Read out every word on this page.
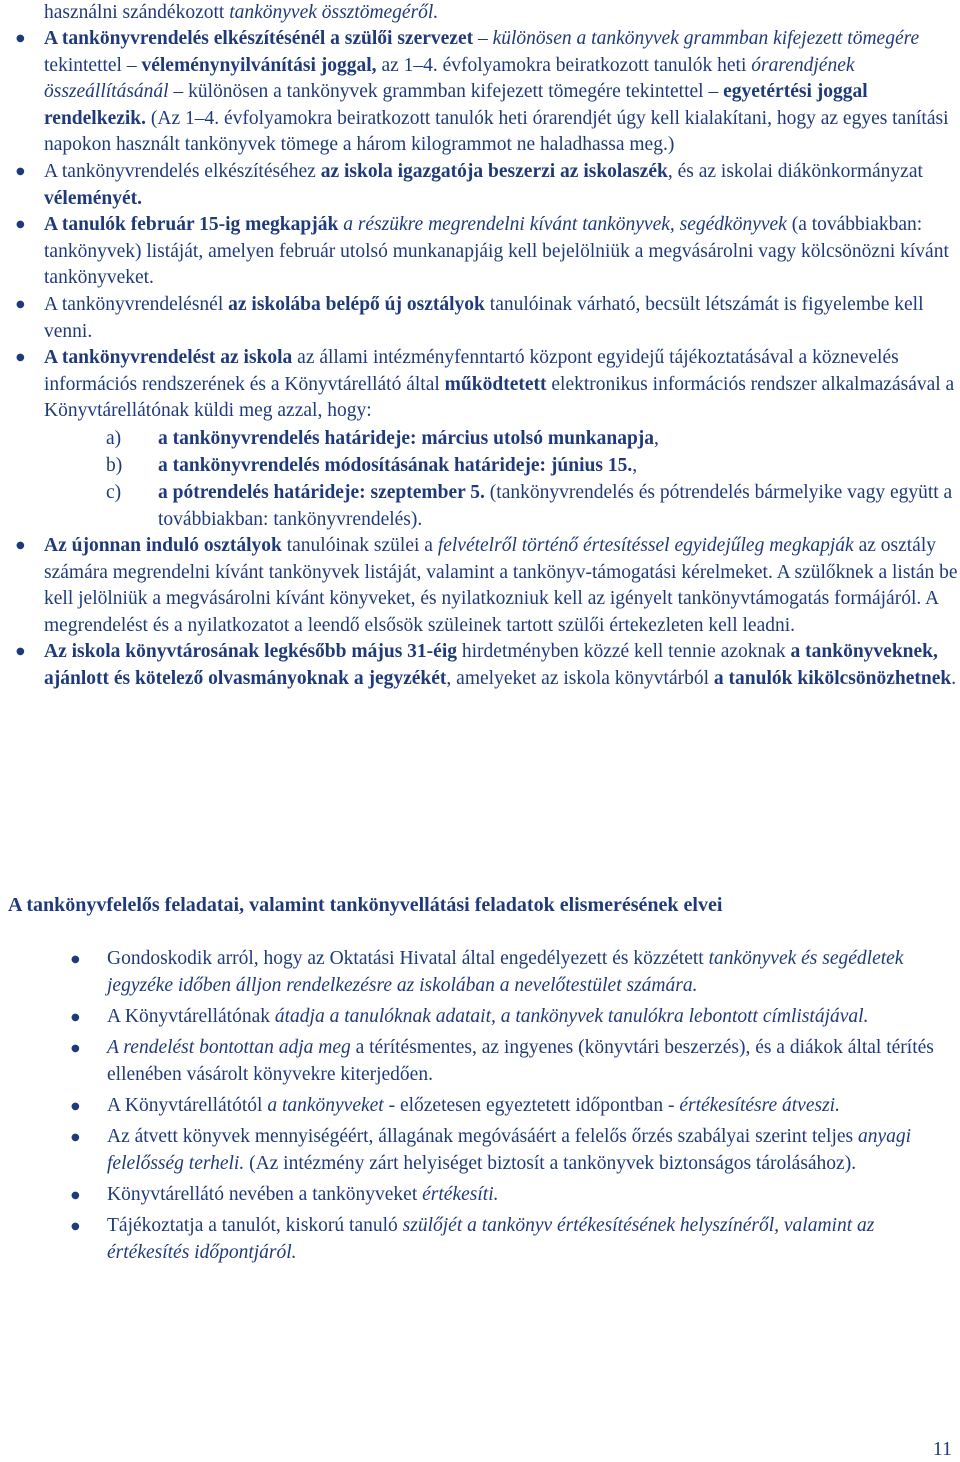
használni szándékozott tankönyvek össztömegéről.

● A tankönyvrendelés elkészítésénél a szülői szervezet – különösen a tankönyvek grammban kifejezett tömegére tekintettel – véleménynyilvánítási joggal, az 1–4. évfolyamokra beiratkozott tanulók heti órarendjének összeállításánál – különösen a tankönyvek grammban kifejezett tömegére tekintettel – egyetértési joggal rendelkezik. (Az 1–4. évfolyamokra beiratkozott tanulók heti órarendjét úgy kell kialakítani, hogy az egyes tanítási napokon használt tankönyvek tömege a három kilogrammot ne haladhassa meg.)
● A tankönyvrendelés elkészítéséhez az iskola igazgatója beszerzi az iskolaszék, és az iskolai diákönkormányzat véleményét.
● A tanulók február 15-ig megkapják a részükre megrendelni kívánt tankönyvek, segédkönyvek (a továbbiakban: tankönyvek) listáját, amelyen február utolsó munkanapjáig kell bejelölniük a megvásárolni vagy kölcsönözni kívánt tankönyveket.
● A tankönyvrendelésnél az iskolába belépő új osztályok tanulóinak várható, becsült létszámát is figyelembe kell venni.
● A tankönyvrendelést az iskola az állami intézményfenntartó központ egyidejű tájékoztatásával a köznevelés információs rendszerének és a Könyvtárellátó által működtetett elektronikus információs rendszer alkalmazásával a Könyvtárellátónak küldi meg azzal, hogy:
a)	a tankönyvrendelés határideje: március utolsó munkanapja,
b)	a tankönyvrendelés módosításának határideje: június 15.,
c)	a pótrendelés határideje: szeptember 5. (tankönyvrendelés és pótrendelés bármelyike vagy együtt a továbbiakban: tankönyvrendelés).
● Az újonnan induló osztályok tanulóinak szülei a felvételről történő értesítéssel egyidejűleg megkapják az osztály számára megrendelni kívánt tankönyvek listáját, valamint a tankönyv-támogatási kérelmeket. A szülőknek a listán be kell jelölniük a megvásárolni kívánt könyveket, és nyilatkozniuk kell az igényelt tankönyvtámogatás formájáról. A megrendelést és a nyilatkozatot a leendő elsősök szüleinek tartott szülői értekezleten kell leadni.
● Az iskola könyvtárosának legkésőbb május 31-éig hirdetményben közzé kell tennie azoknak a tankönyveknek, ajánlott és kötelező olvasmányoknak a jegyzékét, amelyeket az iskola könyvtárból a tanulók kikölcsönözhetnek.
A tankönyvfelelős feladatai, valamint tankönyvellátási feladatok elismerésének elvei
● Gondoskodik arról, hogy az Oktatási Hivatal által engedélyezett és közzétett tankönyvek és segédletek jegyzéke időben álljon rendelkezésre az iskolában a nevelőtestület számára.
● A Könyvtárellátónak átadja a tanulóknak adatait, a tankönyvek tanulókra lebontott címlistájával.
● A rendelést bontottan adja meg a térítésmentes, az ingyenes (könyvtári beszerzés), és a diákok által térítés ellenében vásárolt könyvekre kiterjedően.
● A Könyvtárellátótól a tankönyveket - előzetesen egyeztetett időpontban - értékesítésre átveszi.
● Az átvett könyvek mennyiségéért, állagának megóvásáért a felelős őrzés szabályai szerint teljes anyagi felelősség terheli. (Az intézmény zárt helyiséget biztosít a tankönyvek biztonságos tárolásához).
● Könyvtárellátó nevében a tankönyveket értékesíti.
● Tájékoztatja a tanulót, kiskorú tanuló szülőjét a tankönyv értékesítésének helyszínéről, valamint az értékesítés időpontjáról.
11
